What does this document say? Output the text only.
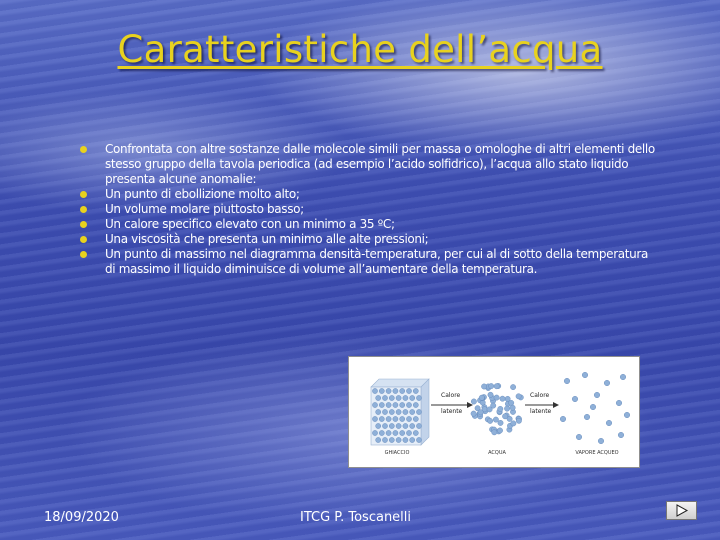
Caratteristiche dell’acqua
Confrontata con altre sostanze dalle molecole simili per massa o omologhe di altri elementi dello stesso gruppo della tavola periodica (ad esempio l’acido solfidrico), l’acqua allo stato liquido presenta alcune anomalie:
Un punto di ebollizione molto alto;
Un volume molare piuttosto basso;
Un calore specifico elevato con un minimo a 35 ºC;
Una viscosità che presenta un minimo alle alte pressioni;
Un punto di massimo nel diagramma densità-temperatura, per cui al di sotto della temperatura di massimo il liquido diminuisce di volume all’aumentare della temperatura.
Calore
latente
Calore
latente
GHIACCIO	ACQUA	VAPORE ACQUEO
18/09/2020	ITCG P. Toscanelli
